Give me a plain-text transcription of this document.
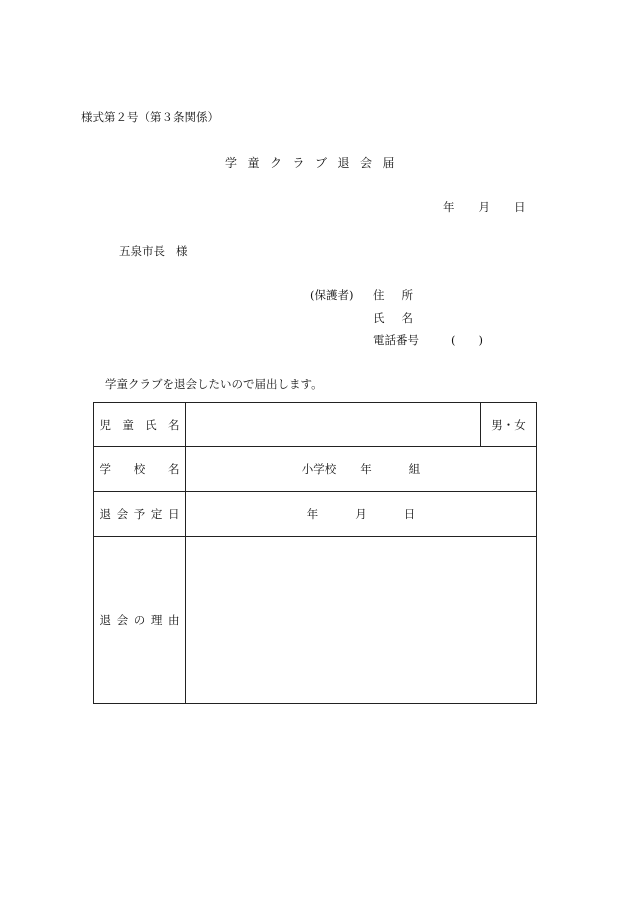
様式第２号（第３条関係）
学童クラブ退会届
年 月 日
五泉市長 様
(保護者) 住所
氏名
電話番号	(　　)
学童クラブを退会したいので届出します。
児童氏名		男・女
学校名	小学校 年 組	
退会予定日	年 月 日	
退会の理由		
